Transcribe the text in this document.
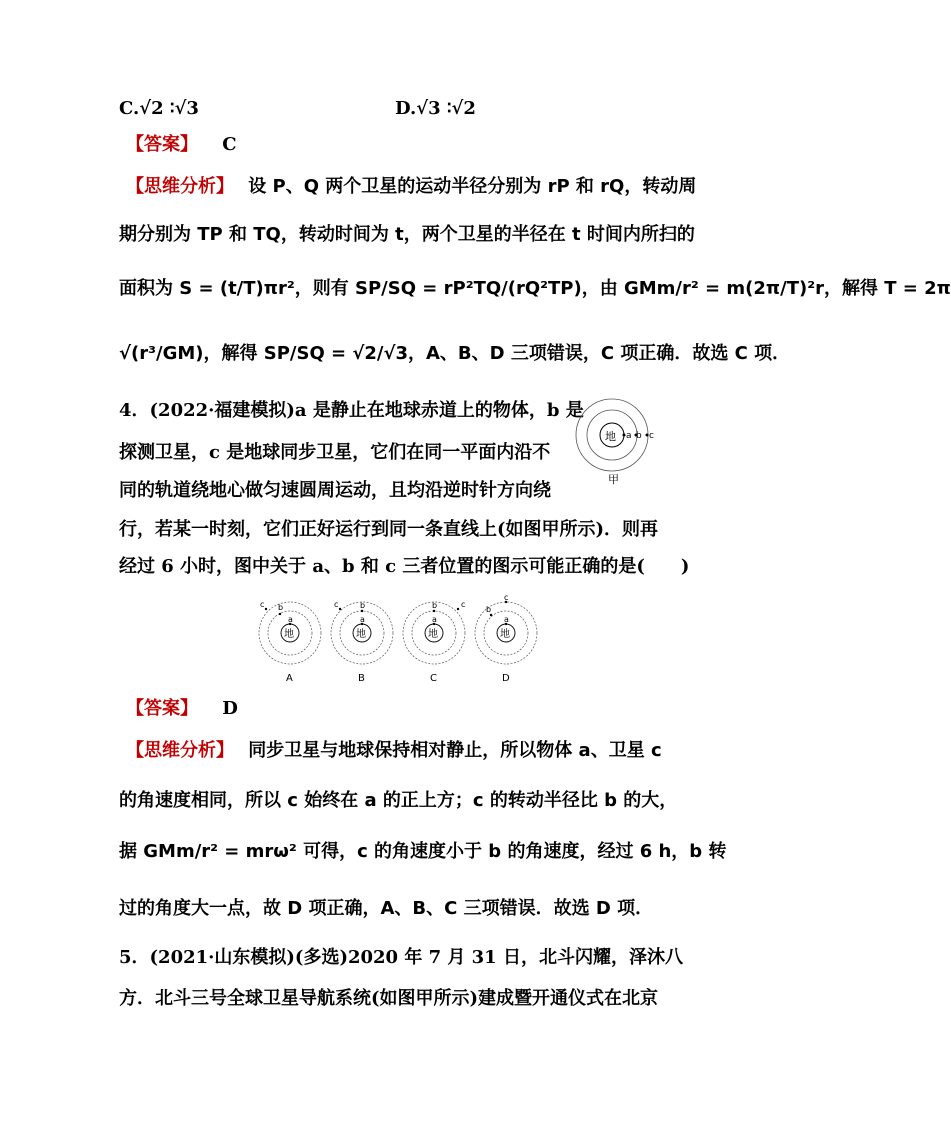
C.√2 ∶√3	D.√3 ∶√2
【答案】 C
【思维分析】 设 P、Q 两个卫星的运动半径分别为 rP 和 rQ，转动周
期分别为 TP 和 TQ，转动时间为 t，两个卫星的半径在 t 时间内所扫的
面积为 S = (t/T)πr²，则有 SP/SQ = rP²TQ/(rQ²TP)，由 GMm/r² = m(2π/T)²r，解得 T = 2π
√(r³/GM)，解得 SP/SQ = √2/√3，A、B、D 三项错误，C 项正确．故选 C 项．
4．(2022·福建模拟)a 是静止在地球赤道上的物体，b 是
探测卫星，c 是地球同步卫星，它们在同一平面内沿不
同的轨道绕地心做匀速圆周运动，且均沿逆时针方向绕
行，若某一时刻，它们正好运行到同一条直线上(如图甲所示)．则再
经过 6 小时，图中关于 a、b 和 c 三者位置的图示可能正确的是(　　)
地 a b c
甲
地
a
b
c
A
地
a
b
c
B
地
a
b	c
C
地
a
b
c
D
【答案】 D
【思维分析】 同步卫星与地球保持相对静止，所以物体 a、卫星 c
的角速度相同，所以 c 始终在 a 的正上方；c 的转动半径比 b 的大，
据 GMm/r² = mrω² 可得，c 的角速度小于 b 的角速度，经过 6 h，b 转
过的角度大一点，故 D 项正确，A、B、C 三项错误．故选 D 项．
5．(2021·山东模拟)(多选)2020 年 7 月 31 日，北斗闪耀，泽沐八
方．北斗三号全球卫星导航系统(如图甲所示)建成暨开通仪式在北京
